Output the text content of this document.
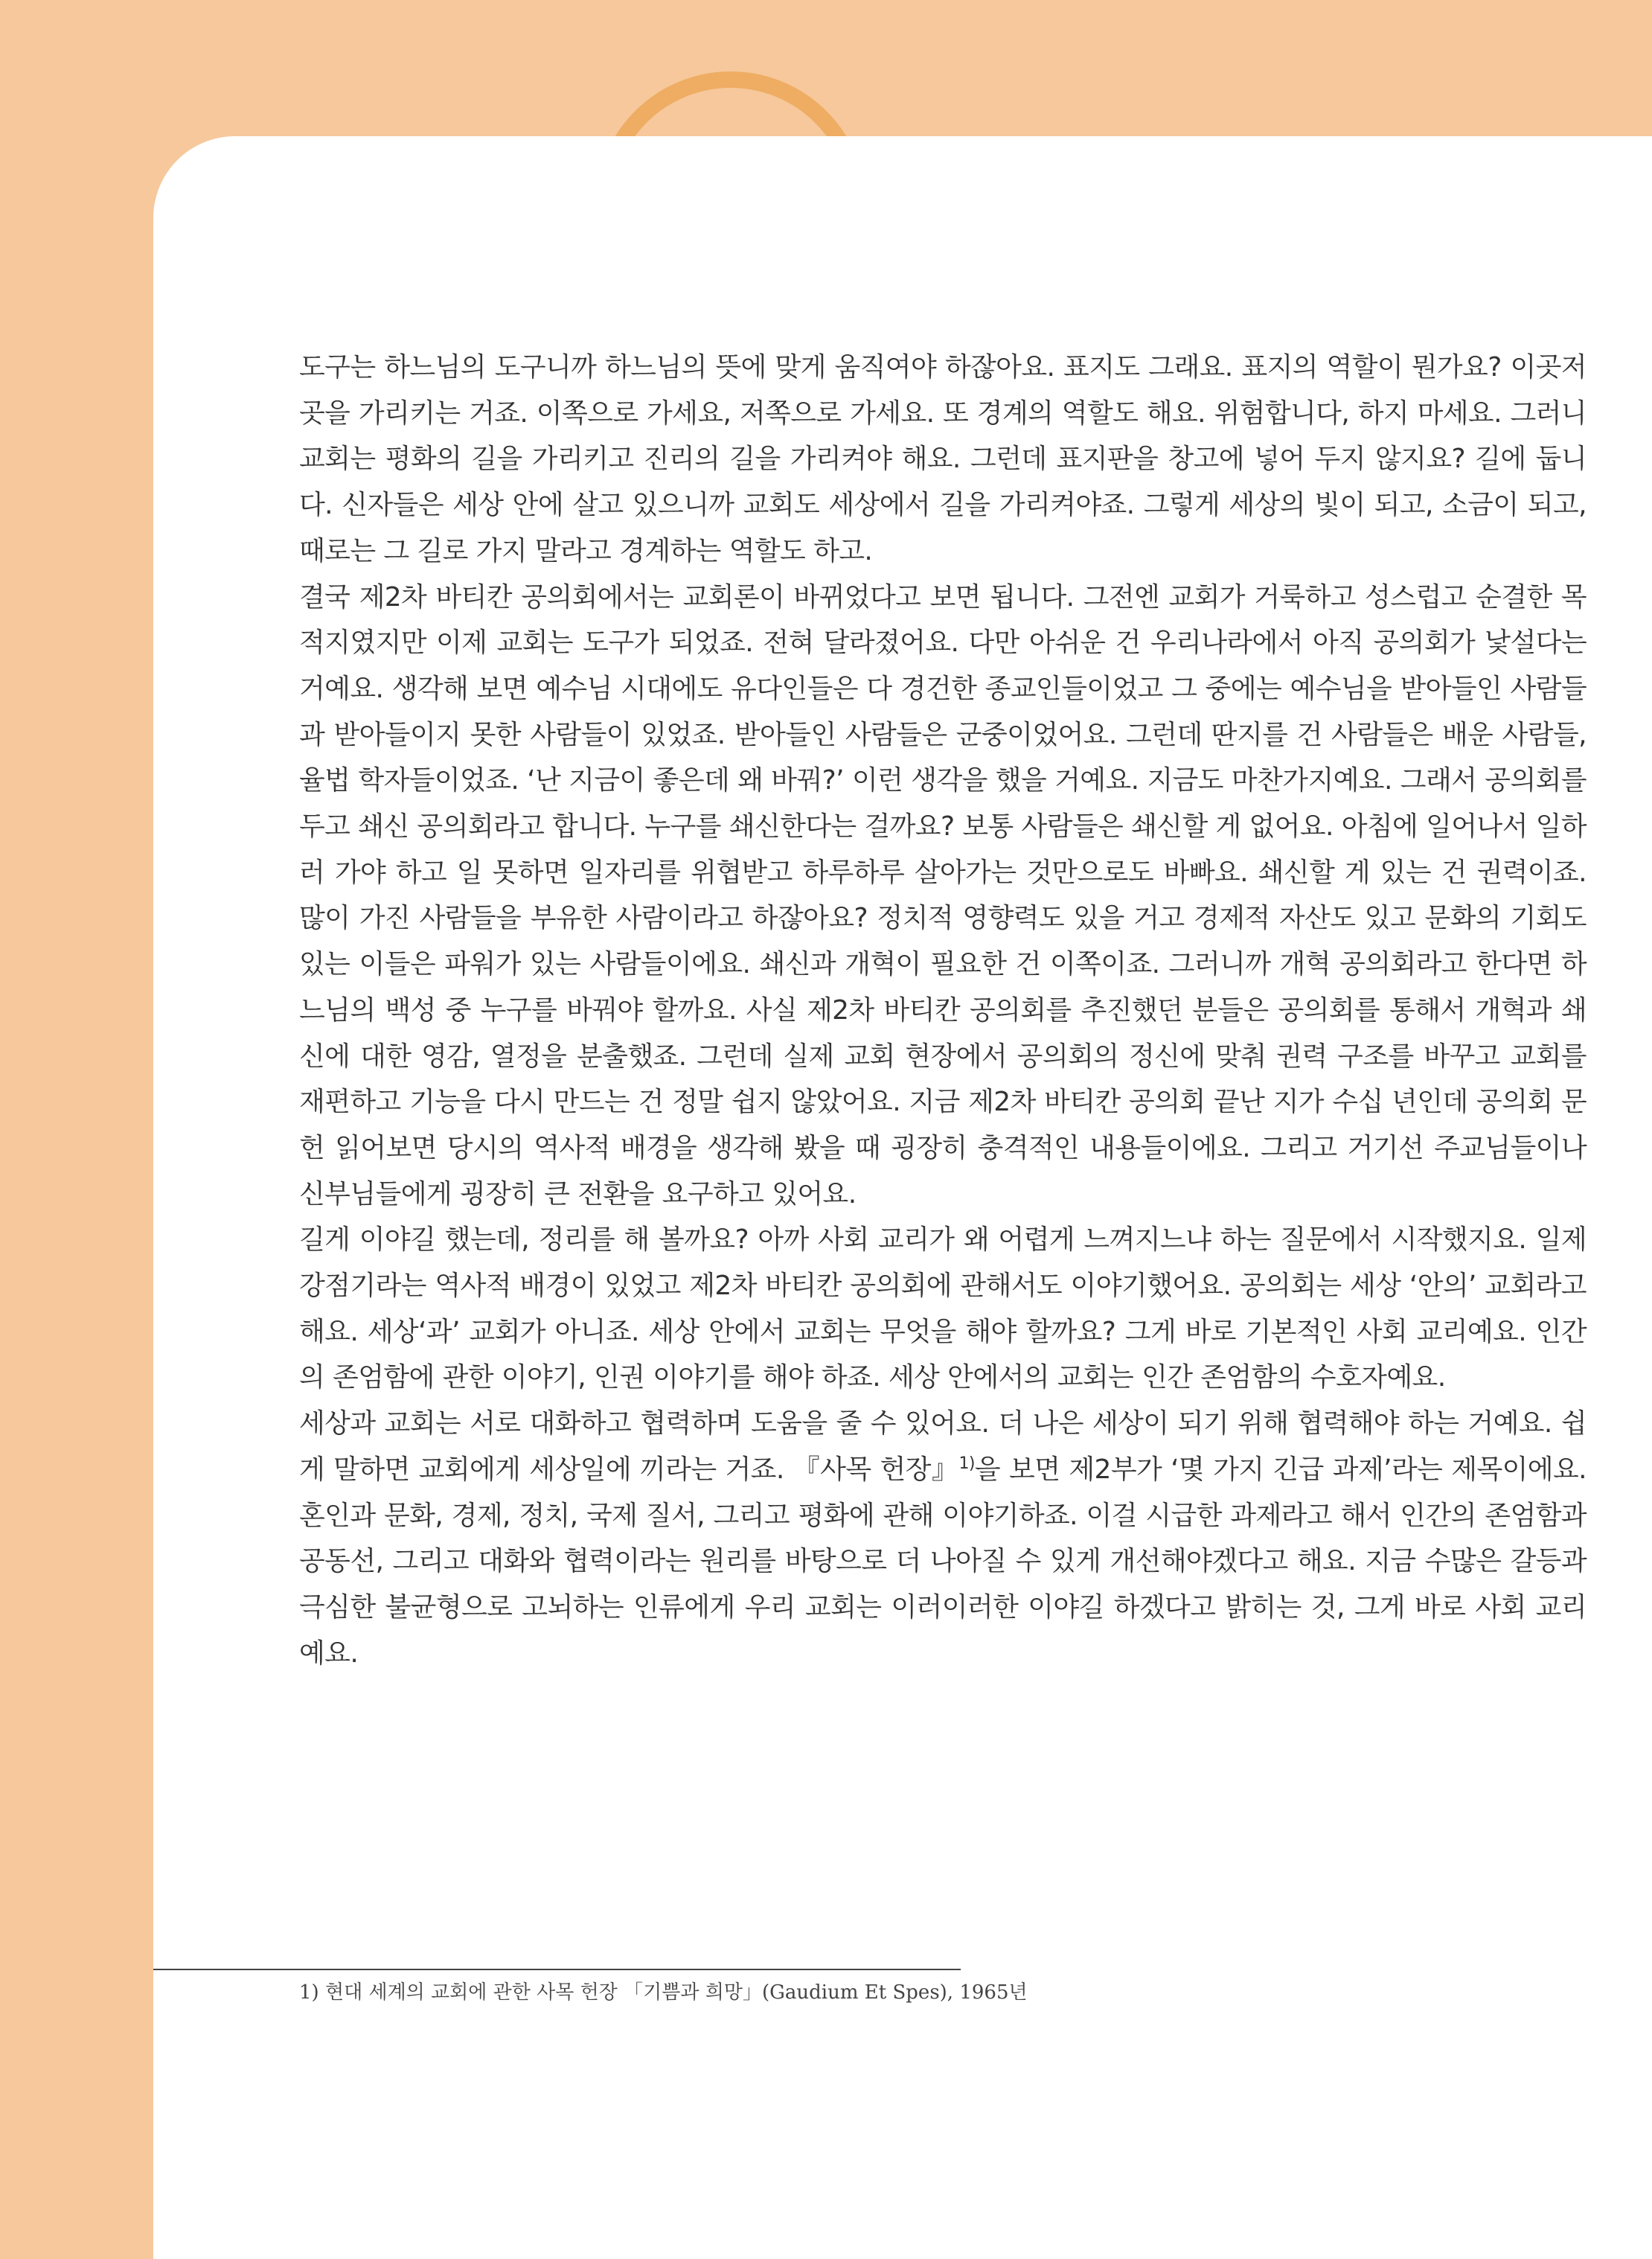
도구는 하느님의 도구니까 하느님의 뜻에 맞게 움직여야 하잖아요. 표지도 그래요. 표지의 역할이 뭔가요? 이곳저곳을 가리키는 거죠. 이쪽으로 가세요, 저쪽으로 가세요. 또 경계의 역할도 해요. 위험합니다, 하지 마세요. 그러니 교회는 평화의 길을 가리키고 진리의 길을 가리켜야 해요. 그런데 표지판을 창고에 넣어 두지 않지요? 길에 둡니다. 신자들은 세상 안에 살고 있으니까 교회도 세상에서 길을 가리켜야죠. 그렇게 세상의 빛이 되고, 소금이 되고, 때로는 그 길로 가지 말라고 경계하는 역할도 하고.

결국 제2차 바티칸 공의회에서는 교회론이 바뀌었다고 보면 됩니다. 그전엔 교회가 거룩하고 성스럽고 순결한 목적지였지만 이제 교회는 도구가 되었죠. 전혀 달라졌어요. 다만 아쉬운 건 우리나라에서 아직 공의회가 낯설다는 거예요. 생각해 보면 예수님 시대에도 유다인들은 다 경건한 종교인들이었고 그 중에는 예수님을 받아들인 사람들과 받아들이지 못한 사람들이 있었죠. 받아들인 사람들은 군중이었어요. 그런데 딴지를 건 사람들은 배운 사람들, 율법 학자들이었죠. ‘난 지금이 좋은데 왜 바꿔?’ 이런 생각을 했을 거예요. 지금도 마찬가지예요. 그래서 공의회를 두고 쇄신 공의회라고 합니다. 누구를 쇄신한다는 걸까요? 보통 사람들은 쇄신할 게 없어요. 아침에 일어나서 일하러 가야 하고 일 못하면 일자리를 위협받고 하루하루 살아가는 것만으로도 바빠요. 쇄신할 게 있는 건 권력이죠. 많이 가진 사람들을 부유한 사람이라고 하잖아요? 정치적 영향력도 있을 거고 경제적 자산도 있고 문화의 기회도 있는 이들은 파워가 있는 사람들이에요. 쇄신과 개혁이 필요한 건 이쪽이죠. 그러니까 개혁 공의회라고 한다면 하느님의 백성 중 누구를 바꿔야 할까요. 사실 제2차 바티칸 공의회를 추진했던 분들은 공의회를 통해서 개혁과 쇄신에 대한 영감, 열정을 분출했죠. 그런데 실제 교회 현장에서 공의회의 정신에 맞춰 권력 구조를 바꾸고 교회를 재편하고 기능을 다시 만드는 건 정말 쉽지 않았어요. 지금 제2차 바티칸 공의회 끝난 지가 수십 년인데 공의회 문헌 읽어보면 당시의 역사적 배경을 생각해 봤을 때 굉장히 충격적인 내용들이에요. 그리고 거기선 주교님들이나 신부님들에게 굉장히 큰 전환을 요구하고 있어요.

길게 이야길 했는데, 정리를 해 볼까요? 아까 사회 교리가 왜 어렵게 느껴지느냐 하는 질문에서 시작했지요. 일제 강점기라는 역사적 배경이 있었고 제2차 바티칸 공의회에 관해서도 이야기했어요. 공의회는 세상 ‘안의’ 교회라고 해요. 세상‘과’ 교회가 아니죠. 세상 안에서 교회는 무엇을 해야 할까요? 그게 바로 기본적인 사회 교리예요. 인간의 존엄함에 관한 이야기, 인권 이야기를 해야 하죠. 세상 안에서의 교회는 인간 존엄함의 수호자예요.

세상과 교회는 서로 대화하고 협력하며 도움을 줄 수 있어요. 더 나은 세상이 되기 위해 협력해야 하는 거예요. 쉽게 말하면 교회에게 세상일에 끼라는 거죠. 『사목 헌장』$^{1)}$을 보면 제2부가 ‘몇 가지 긴급 과제’라는 제목이에요. 혼인과 문화, 경제, 정치, 국제 질서, 그리고 평화에 관해 이야기하죠. 이걸 시급한 과제라고 해서 인간의 존엄함과 공동선, 그리고 대화와 협력이라는 원리를 바탕으로 더 나아질 수 있게 개선해야겠다고 해요. 지금 수많은 갈등과 극심한 불균형으로 고뇌하는 인류에게 우리 교회는 이러이러한 이야길 하겠다고 밝히는 것, 그게 바로 사회 교리예요.

1) 현대 세계의 교회에 관한 사목 헌장 「기쁨과 희망」(Gaudium Et Spes), 1965년
